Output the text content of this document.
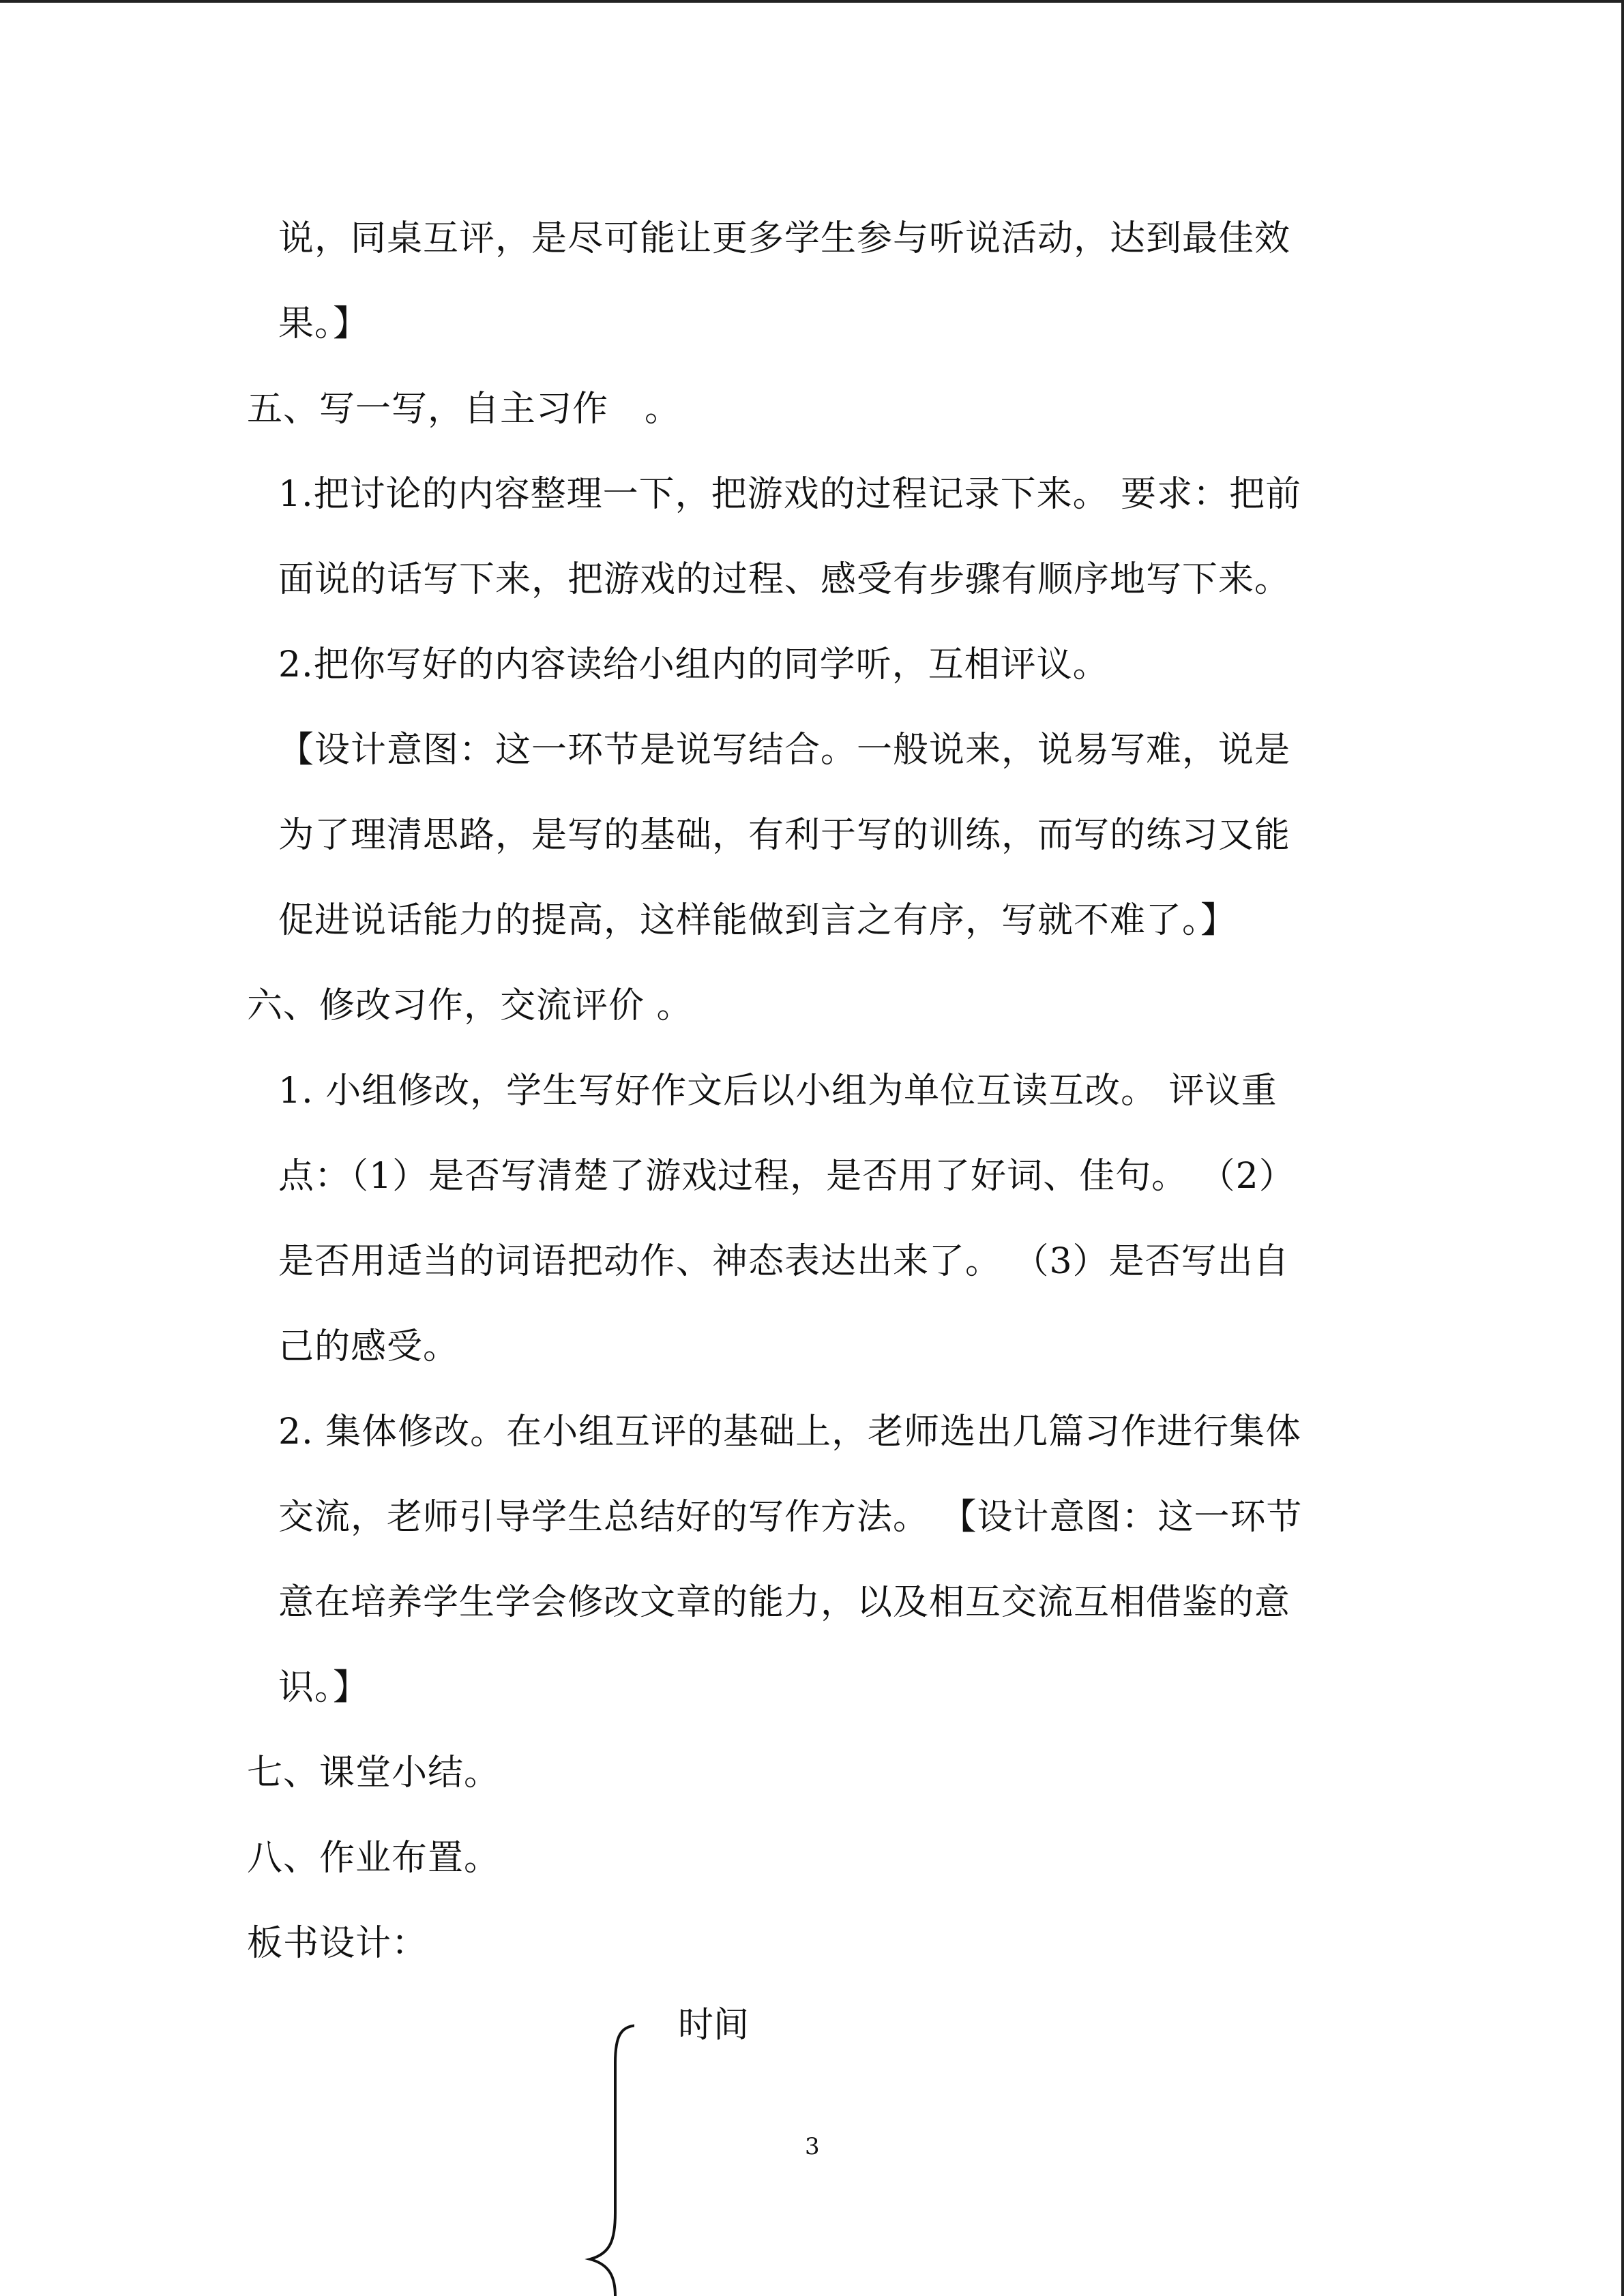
说，同桌互评，是尽可能让更多学生参与听说活动，达到最佳效
果。】
五、写一写，自主习作　。
1.把讨论的内容整理一下，把游戏的过程记录下来。 要求：把前
面说的话写下来，把游戏的过程、感受有步骤有顺序地写下来。
2.把你写好的内容读给小组内的同学听，互相评议。
【设计意图：这一环节是说写结合。一般说来，说易写难，说是
为了理清思路，是写的基础，有利于写的训练，而写的练习又能
促进说话能力的提高，这样能做到言之有序，写就不难了。】
六、修改习作，交流评价 。
1. 小组修改，学生写好作文后以小组为单位互读互改。 评议重
点：（1）是否写清楚了游戏过程，是否用了好词、佳句。 （2）
是否用适当的词语把动作、神态表达出来了。 （3）是否写出自
己的感受。
2. 集体修改。在小组互评的基础上，老师选出几篇习作进行集体
交流，老师引导学生总结好的写作方法。 【设计意图：这一环节
意在培养学生学会修改文章的能力，以及相互交流互相借鉴的意
识。】
七、课堂小结。
八、作业布置。
板书设计：
时间
3
